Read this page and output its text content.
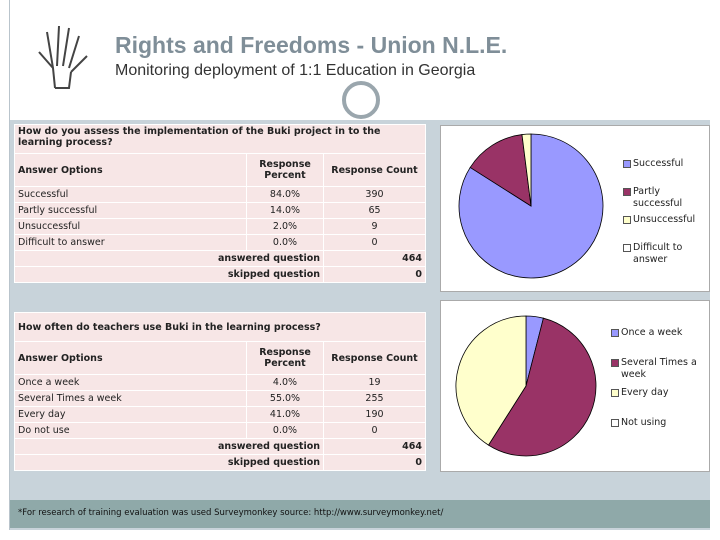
Rights and Freedoms - Union N.L.E.
Monitoring deployment of 1:1 Education in Georgia
How do you assess the implementation of the Buki project in to the learning process?		
Answer Options	Response Percent	Response Count
Successful	84.0%	390
Partly successful	14.0%	65
Unsuccessful	2.0%	9
Difficult to answer	0.0%	0
answered question		464
skipped question		0
How often do teachers use Buki in the learning process?		
Answer Options	Response Percent	Response Count
Once a week	4.0%	19
Several Times a week	55.0%	255
Every day	41.0%	190
Do not use	0.0%	0
answered question		464
skipped question		0
Successful
Partly successful
Unsuccessful
Difficult to answer
Once a week
Several Times a week
Every day
Not using
*For research of training evaluation was used Surveymonkey source: http://www.surveymonkey.net/
